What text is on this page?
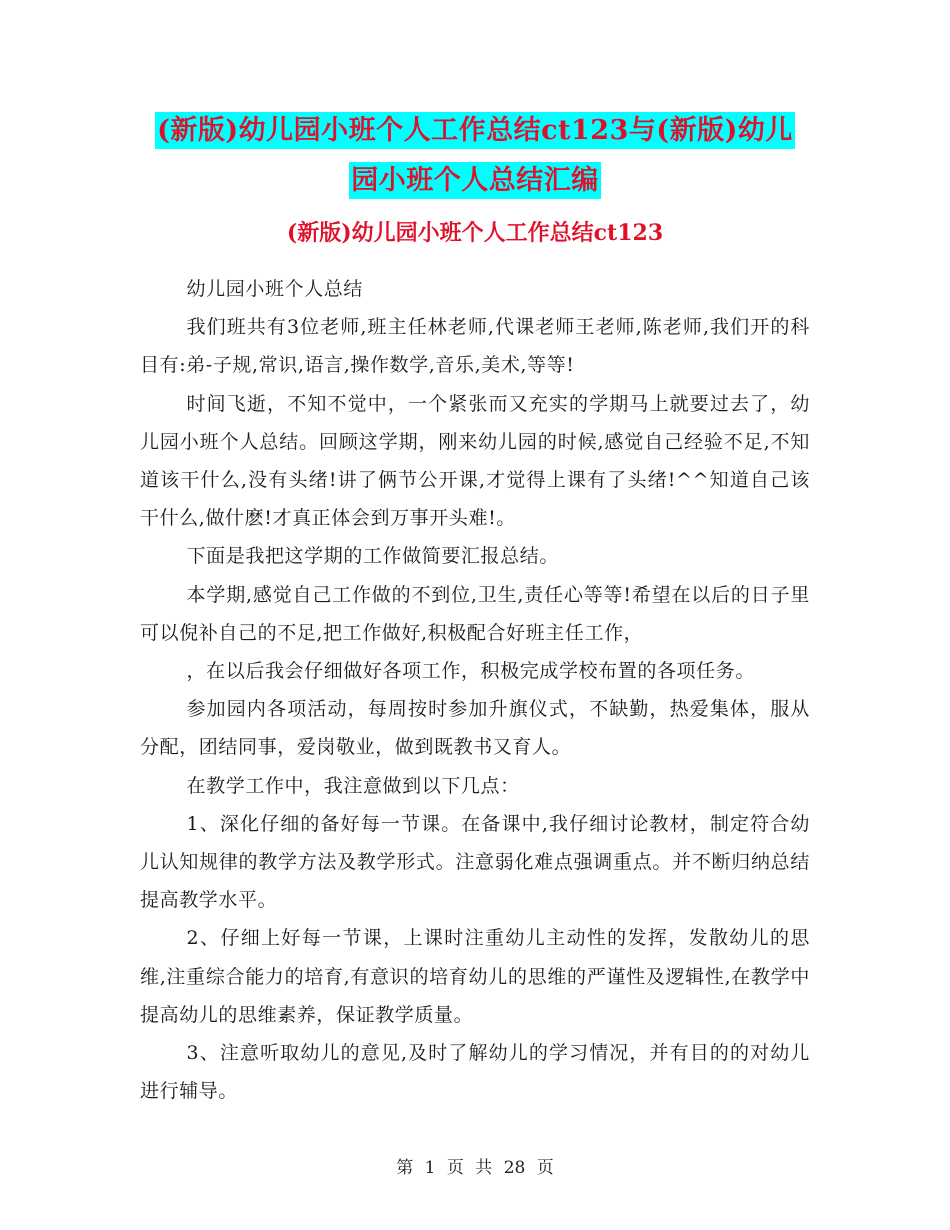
(新版)幼儿园小班个人工作总结ct123与(新版)幼儿
园小班个人总结汇编
(新版)幼儿园小班个人工作总结ct123

幼儿园小班个人总结

我们班共有3位老师,班主任林老师,代课老师王老师,陈老师,我们开的科目有:弟-子规,常识,语言,操作数学,音乐,美术,等等!

时间飞逝，不知不觉中，一个紧张而又充实的学期马上就要过去了，幼儿园小班个人总结。回顾这学期，刚来幼儿园的时候,感觉自己经验不足,不知道该干什么,没有头绪!讲了俩节公开课,才觉得上课有了头绪!^^知道自己该干什么,做什麽!才真正体会到万事开头难!。

下面是我把这学期的工作做简要汇报总结。

本学期,感觉自己工作做的不到位,卫生,责任心等等!希望在以后的日子里可以倪补自己的不足,把工作做好,积极配合好班主任工作，

，在以后我会仔细做好各项工作，积极完成学校布置的各项任务。

参加园内各项活动，每周按时参加升旗仪式，不缺勤，热爱集体，服从分配，团结同事，爱岗敬业，做到既教书又育人。

在教学工作中，我注意做到以下几点：

1、深化仔细的备好每一节课。在备课中,我仔细讨论教材，制定符合幼儿认知规律的教学方法及教学形式。注意弱化难点强调重点。并不断归纳总结提高教学水平。

2、仔细上好每一节课，上课时注重幼儿主动性的发挥，发散幼儿的思维,注重综合能力的培育,有意识的培育幼儿的思维的严谨性及逻辑性,在教学中提高幼儿的思维素养，保证教学质量。

3、注意听取幼儿的意见,及时了解幼儿的学习情况，并有目的的对幼儿进行辅导。

第 1 页 共 28 页
